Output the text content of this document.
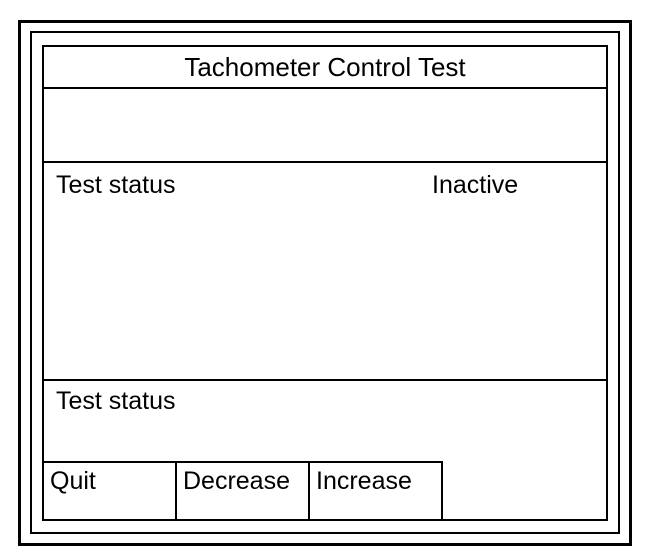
Tachometer Control Test
Test status	Inactive
Test status
Quit	Decrease	Increase
